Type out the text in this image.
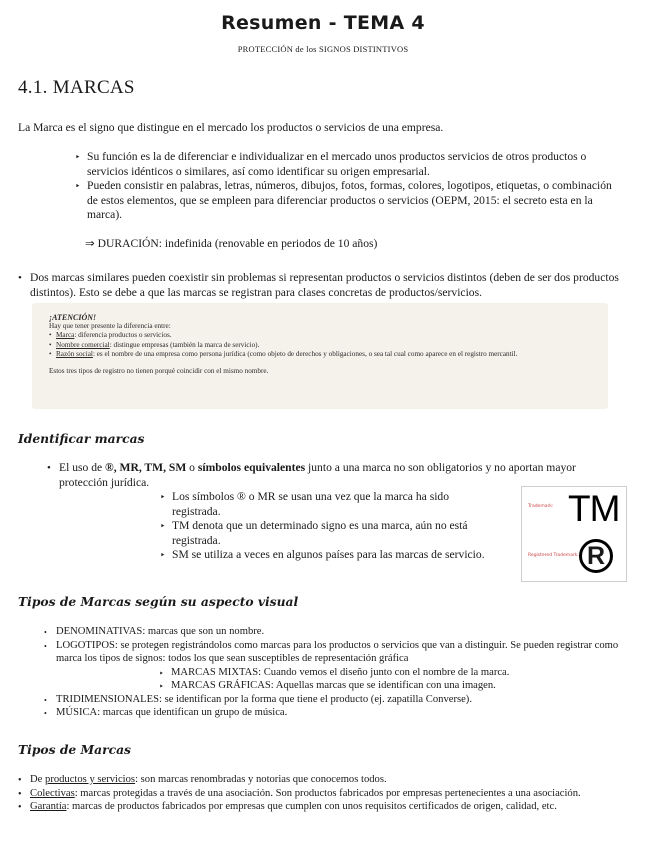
Resumen - TEMA 4
PROTECCIÓN de los SIGNOS DISTINTIVOS
4.1. MARCAS
La Marca es el signo que distingue en el mercado los productos o servicios de una empresa.
‣ Su función es la de diferenciar e individualizar en el mercado unos productos servicios de otros productos o servicios idénticos o similares, así como identificar su origen empresarial.
‣ Pueden consistir en palabras, letras, números, dibujos, fotos, formas, colores, logotipos, etiquetas, o combinación de estos elementos, que se empleen para diferenciar productos o servicios (OEPM, 2015: el secreto esta en la marca).
⇒ DURACIÓN: indefinida (renovable en periodos de 10 años)
• Dos marcas similares pueden coexistir sin problemas si representan productos o servicios distintos (deben de ser dos productos distintos). Esto se debe a que las marcas se registran para clases concretas de productos/servicios.
¡ATENCIÓN!
Hay que tener presente la diferencia entre:
• Marca: diferencia productos o servicios.
• Nombre comercial: distingue empresas (también la marca de servicio).
• Razón social: es el nombre de una empresa como persona jurídica (como objeto de derechos y obligaciones, o sea tal cual como aparece en el registro mercantil.
Estos tres tipos de registro no tienen porqué coincidir con el mismo nombre.
Identificar marcas
• El uso de ®, MR, TM, SM o símbolos equivalentes junto a una marca no son obligatorios y no aportan mayor protección jurídica.
‣ Los símbolos ® o MR se usan una vez que la marca ha sido registrada.
‣ TM denota que un determinado signo es una marca, aún no está registrada.
‣ SM se utiliza a veces en algunos países para las marcas de servicio.
Trademark: TM
Registered Trademark: R
Tipos de Marcas según su aspecto visual
• DENOMINATIVAS: marcas que son un nombre.
• LOGOTIPOS: se protegen registrándolos como marcas para los productos o servicios que van a distinguir. Se pueden registrar como marca los tipos de signos: todos los que sean susceptibles de representación gráfica
‣ MARCAS MIXTAS: Cuando vemos el diseño junto con el nombre de la marca.
‣ MARCAS GRÁFICAS: Aquellas marcas que se identifican con una imagen.
• TRIDIMENSIONALES: se identifican por la forma que tiene el producto (ej. zapatilla Converse).
• MÚSICA: marcas que identifican un grupo de música.
Tipos de Marcas
• De productos y servicios: son marcas renombradas y notorias que conocemos todos.
• Colectivas: marcas protegidas a través de una asociación. Son productos fabricados por empresas pertenecientes a una asociación.
• Garantía: marcas de productos fabricados por empresas que cumplen con unos requisitos certificados de origen, calidad, etc.
